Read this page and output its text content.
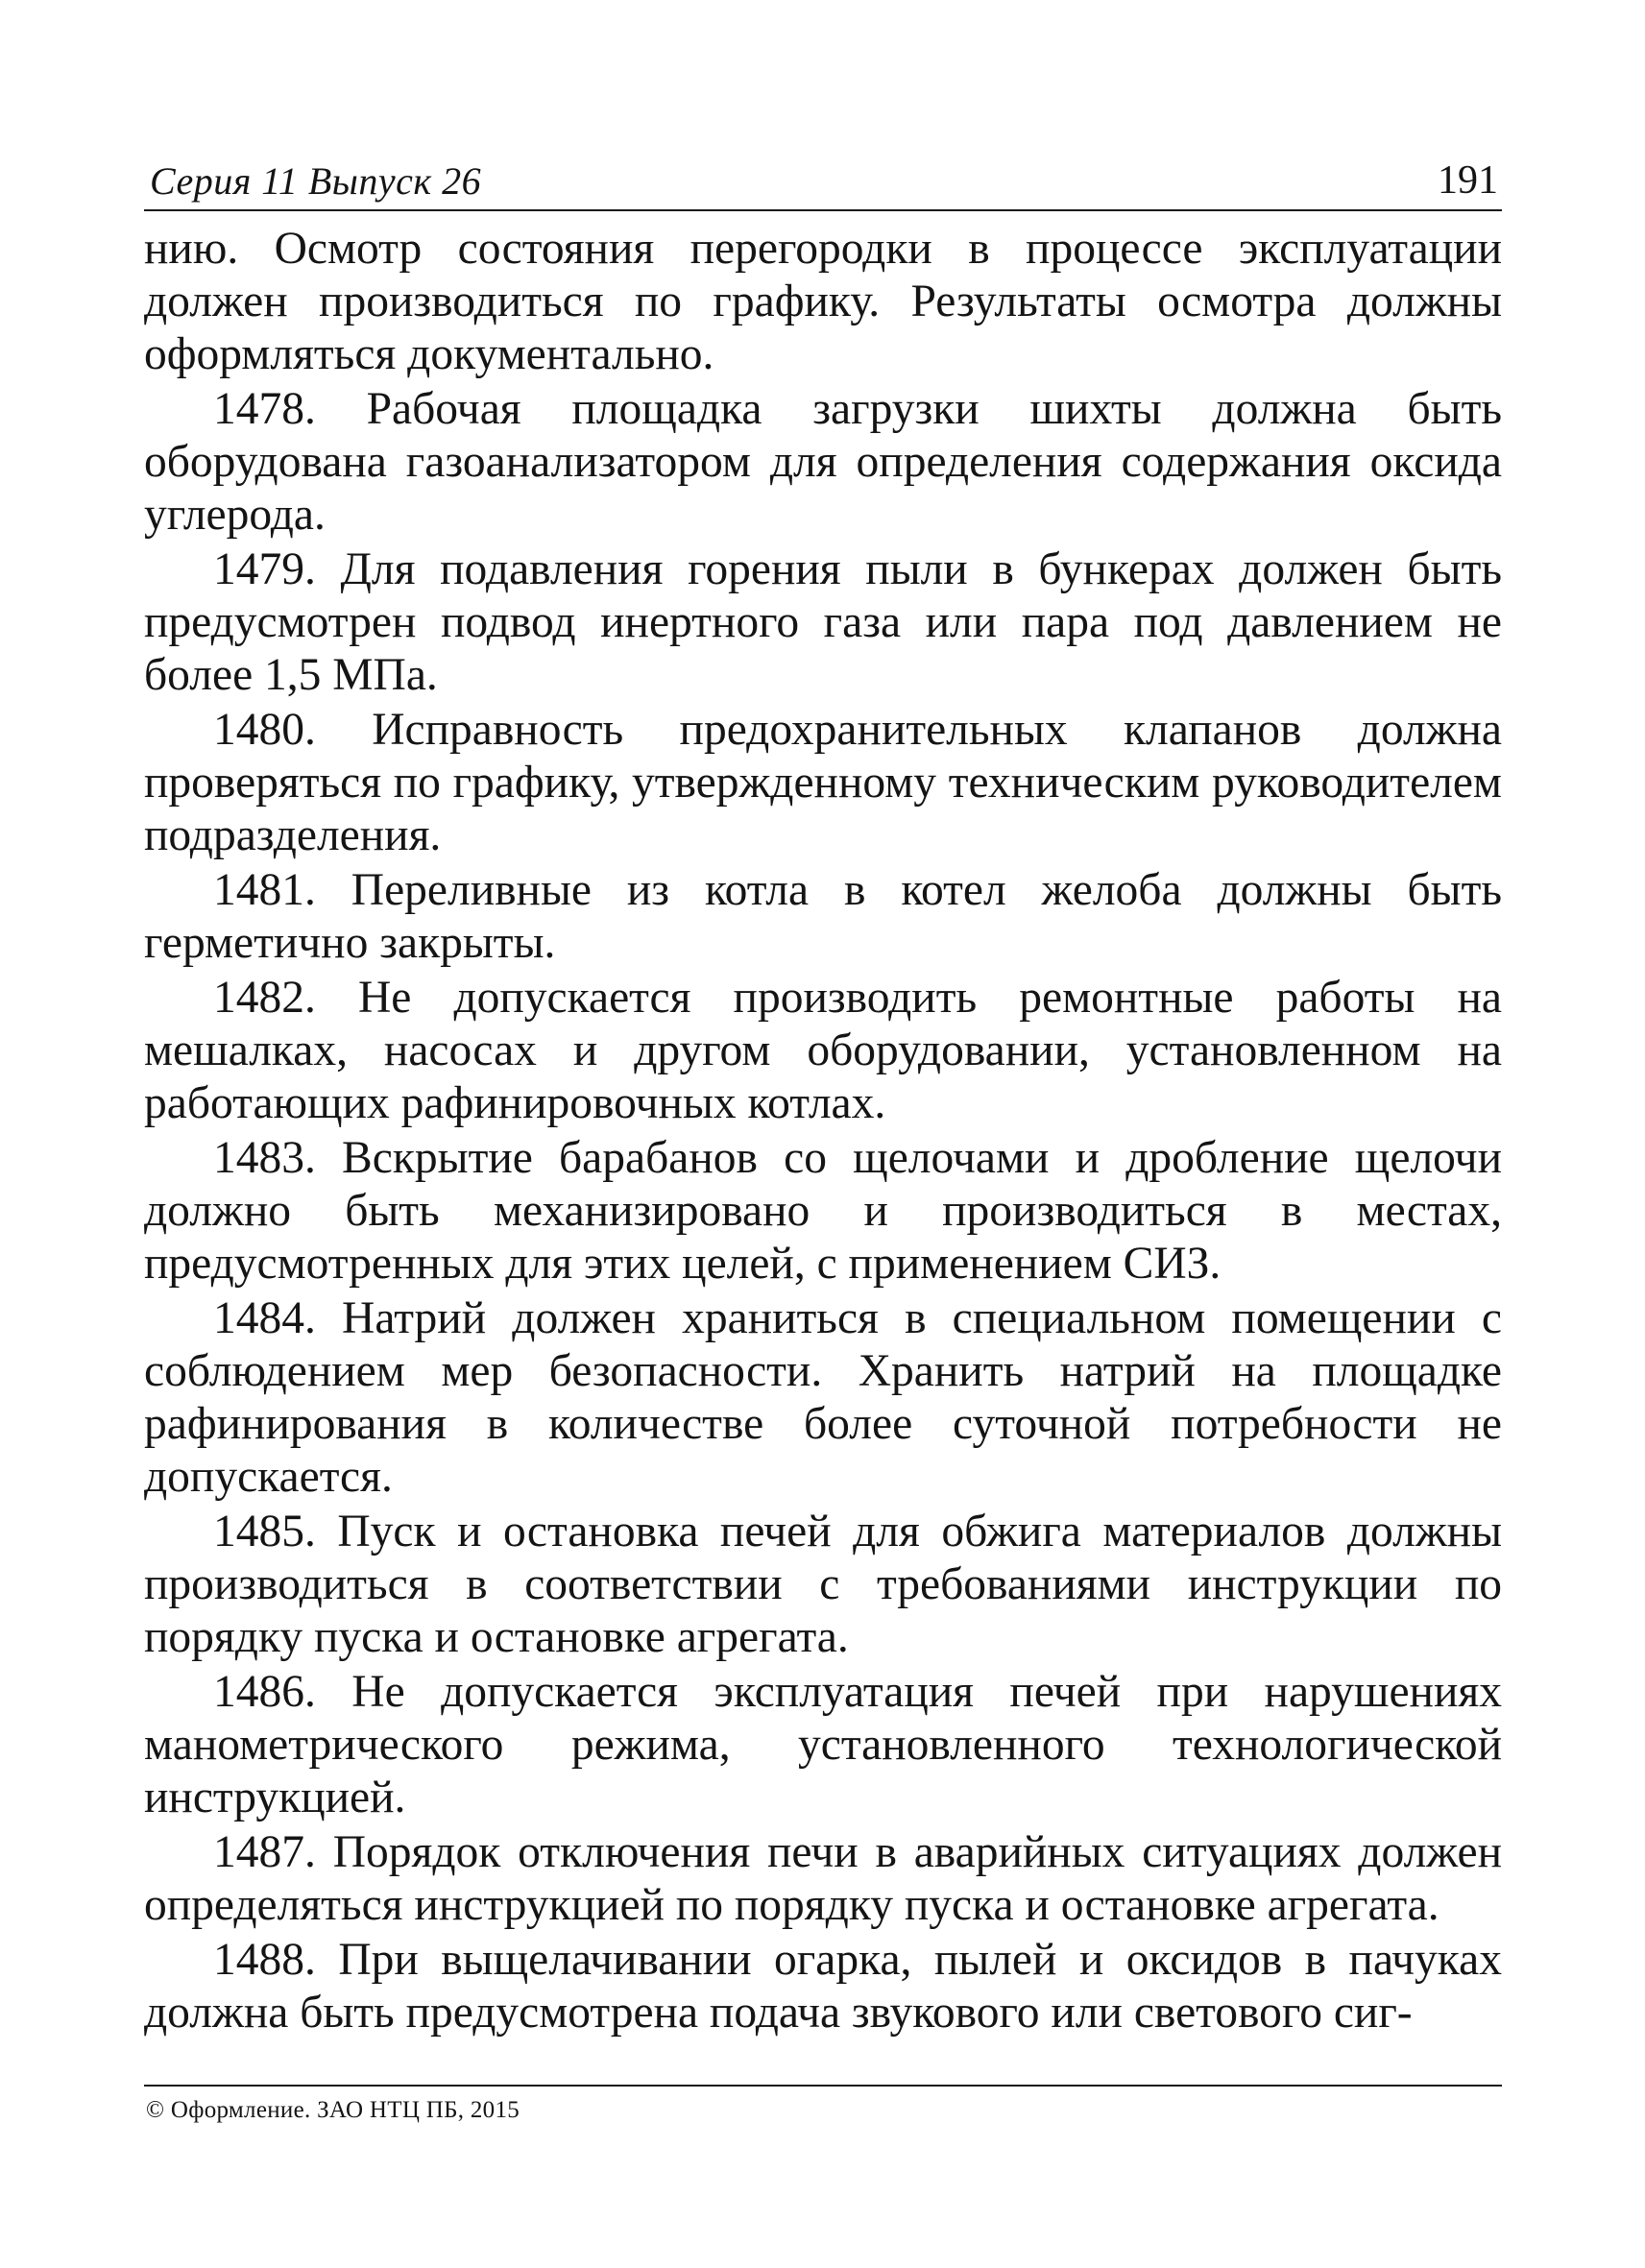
Серия 11 Выпуск 26	191

нию. Осмотр состояния перегородки в процессе эксплуатации должен производиться по графику. Результаты осмотра должны оформляться документально.

1478. Рабочая площадка загрузки шихты должна быть оборудована газоанализатором для определения содержания оксида углерода.

1479. Для подавления горения пыли в бункерах должен быть предусмотрен подвод инертного газа или пара под давлением не более 1,5 МПа.

1480. Исправность предохранительных клапанов должна проверяться по графику, утвержденному техническим руководителем подразделения.

1481. Переливные из котла в котел желоба должны быть герметично закрыты.

1482. Не допускается производить ремонтные работы на мешалках, насосах и другом оборудовании, установленном на работающих рафинировочных котлах.

1483. Вскрытие барабанов со щелочами и дробление щелочи должно быть механизировано и производиться в местах, предусмотренных для этих целей, с применением СИЗ.

1484. Натрий должен храниться в специальном помещении с соблюдением мер безопасности. Хранить натрий на площадке рафинирования в количестве более суточной потребности не допускается.

1485. Пуск и остановка печей для обжига материалов должны производиться в соответствии с требованиями инструкции по порядку пуска и остановке агрегата.

1486. Не допускается эксплуатация печей при нарушениях манометрического режима, установленного технологической инструкцией.

1487. Порядок отключения печи в аварийных ситуациях должен определяться инструкцией по порядку пуска и остановке агрегата.

1488. При выщелачивании огарка, пылей и оксидов в пачуках должна быть предусмотрена подача звукового или светового сиг-

© Оформление. ЗАО НТЦ ПБ, 2015
